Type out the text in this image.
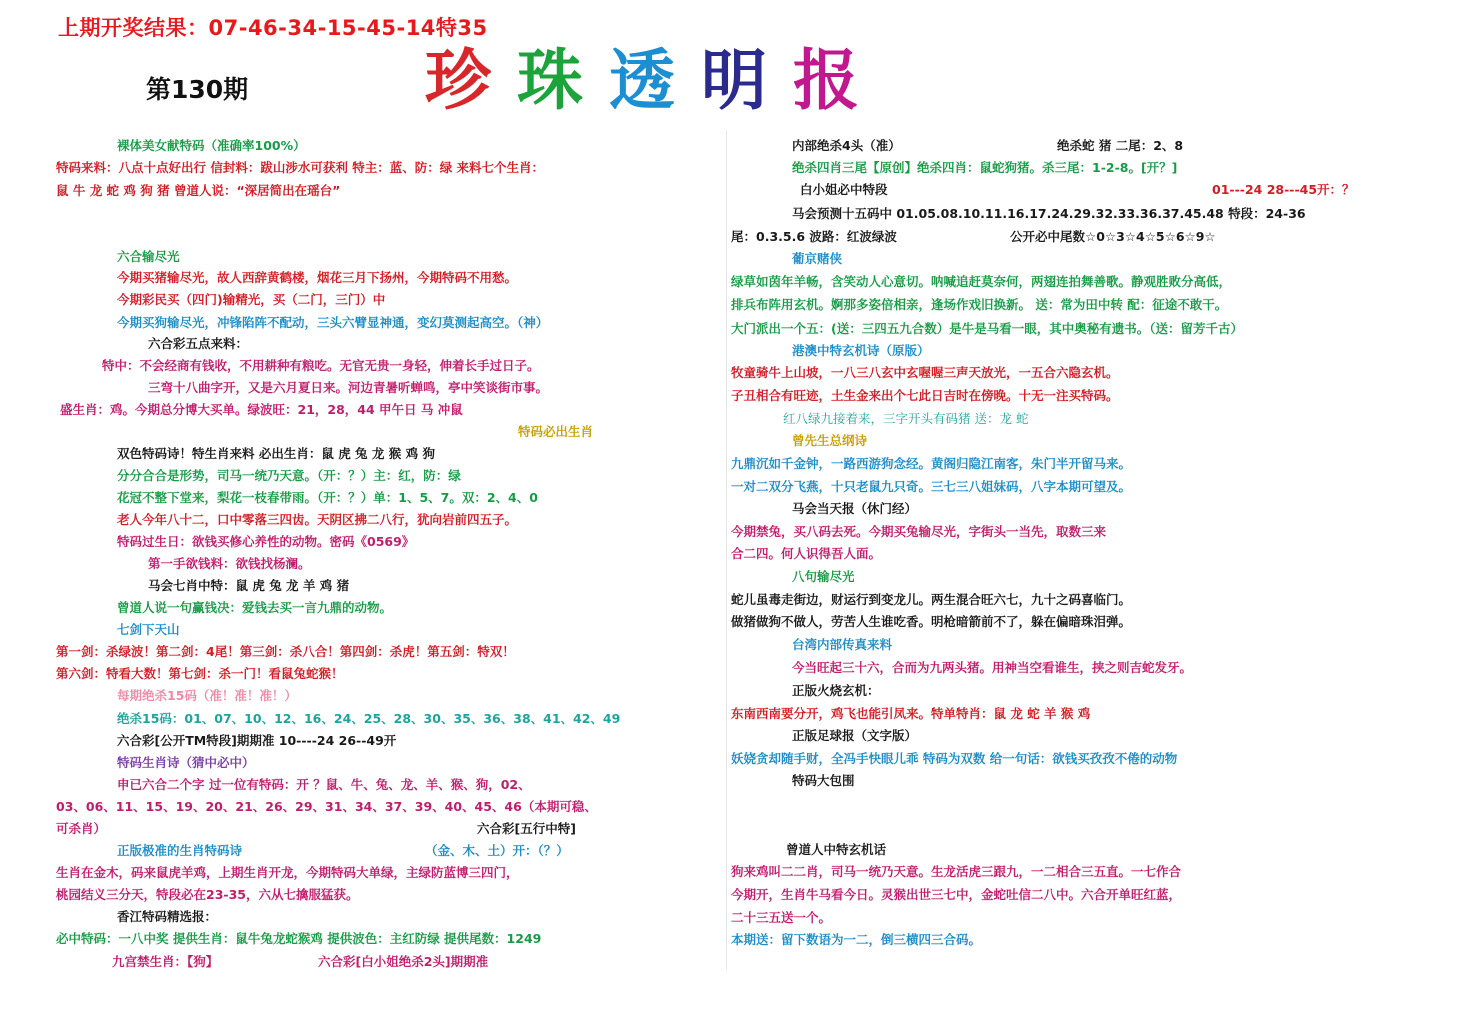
上期开奖结果：07-46-34-15-45-14特35
第130期	珍 珠 透 明 报
裸体美女献特码（准确率100%）
特码来料：八点十点好出行 信封料：跋山涉水可获利 特主：蓝、防：绿 来料七个生肖：
鼠 牛 龙 蛇 鸡 狗 猪 曾道人说：“深居简出在瑶台”
六合输尽光
今期买猪输尽光，故人西辞黄鹤楼，烟花三月下扬州，今期特码不用愁。
今期彩民买（四门)输精光，买（二门，三门）中
今期买狗输尽光，冲锋陷阵不配动，三头六臂显神通，变幻莫测起高空。（神）
六合彩五点来料：
特中：不会经商有钱收，不用耕种有粮吃。无官无贵一身轻，伸着长手过日子。
三弯十八曲字开，又是六月夏日来。河边青暑听蝉鸣，亭中笑谈街市事。
盛生肖：鸡。今期总分博大买单。绿波旺：21，28，44 甲午日 马 冲鼠
特码必出生肖
双色特码诗！特生肖来料 必出生肖：鼠 虎 兔 龙 猴 鸡 狗
分分合合是形势，司马一统乃天意。（开：？）主：红，防：绿
花冠不整下堂来，梨花一枝春带雨。（开：？）单：1、5、7。双：2、4、0
老人今年八十二，口中零落三四齿。天阴区拂二八行，犹向岩前四五子。
特码过生日：欲钱买修心养性的动物。密码《0569》
第一手欲钱料：欲钱找杨澜。
马会七肖中特：鼠 虎 兔 龙 羊 鸡 猪
曾道人说一句赢钱决：爱钱去买一言九鼎的动物。
七剑下天山
第一剑：杀绿波！第二剑：4尾！第三剑：杀八合！第四剑：杀虎！第五剑：特双！
第六剑：特看大数！第七剑：杀一门！看鼠兔蛇猴！
每期绝杀15码（准！准！准！）
绝杀15码：01、07、10、12、16、24、25、28、30、35、36、38、41、42、49
六合彩[公开TM特段]期期准 10----24 26--49开
特码生肖诗（猜中必中）
申已六合二个字 过一位有特码：开 ？鼠、牛、兔、龙、羊、猴、狗，02、
03、06、11、15、19、20、21、26、29、31、34、37、39、40、45、46（本期可稳、
可杀肖）	六合彩[五行中特]
正版极准的生肖特码诗	（金、木、土）开：（？）
生肖在金木，码来鼠虎羊鸡，上期生肖开龙，今期特码大单绿，主绿防蓝博三四门，
桃园结义三分天，特段必在23-35，六从七擒服猛获。
香江特码精选报：
必中特码：一八中奖 提供生肖：鼠牛兔龙蛇猴鸡 提供波色：主红防绿 提供尾数：1249
九宫禁生肖：【狗】	六合彩[白小姐绝杀2头]期期准
内部绝杀4头（准）	绝杀蛇 猪 二尾：2、8
绝杀四肖三尾【原创】绝杀四肖：鼠蛇狗猪。杀三尾：1-2-8。[开？]
白小姐必中特段	01---24 28---45开：？
马会预测十五码中 01.05.08.10.11.16.17.24.29.32.33.36.37.45.48 特段：24-36
尾：0.3.5.6 波路：红波绿波	公开必中尾数☆0☆3☆4☆5☆6☆9☆
葡京赌侠
绿草如茵年羊畅，含笑动人心意切。呐喊追赶莫奈何，两翅连拍舞善歌。静观胜败分高低，
排兵布阵用玄机。婀那多姿倍相亲，逢场作戏旧换新。 送：常为田中转 配：征途不敢干。
大门派出一个五：(送：三四五九合数）是牛是马看一眼，其中奥秘有遗书。（送：留芳千古）
港澳中特玄机诗（原版）
牧童骑牛上山坡，一八三八玄中玄喔喔三声天放光，一五合六隐玄机。
子丑相合有旺迹，土生金来出个七此日吉时在傍晚。十无一注买特码。
红八绿九接着来，三字开头有码猪 送：龙 蛇
曾先生总纲诗
九鼎沉如千金钟，一路西游狗念经。黄阁归隐江南客，朱门半开留马来。
一对二双分飞燕，十只老鼠九只奇。三七三八姐妹码，八字本期可望及。
马会当天报（休门经）
今期禁兔，买八码去死。今期买兔输尽光，字街头一当先，取数三来
合二四。何人识得吾人面。
八句输尽光
蛇儿虽毒走街边，财运行到变龙儿。两生混合旺六七，九十之码喜临门。
做猪做狗不做人，劳苦人生谁吃香。明枪暗箭前不了，躲在偏暗珠泪弹。
台湾内部传真来料
今当旺起三十六，合而为九两头猪。用神当空看谁生，挟之则吉蛇发牙。
正版火烧玄机：
东南西南要分开，鸡飞也能引凤来。特单特肖：鼠 龙 蛇 羊 猴 鸡
正版足球报（文字版）
妖娆贪却随手财，全冯手快眼儿乖 特码为双数 给一句话：欲钱买孜孜不倦的动物
特码大包围
曾道人中特玄机话
狗来鸡叫二二肖，司马一统乃天意。生龙活虎三跟九，一二相合三五直。一七作合
今期开，生肖牛马看今日。灵猴出世三七中，金蛇吐信二八中。六合开单旺红蓝，
二十三五送一个。
本期送：留下数语为一二，倒三横四三合码。
